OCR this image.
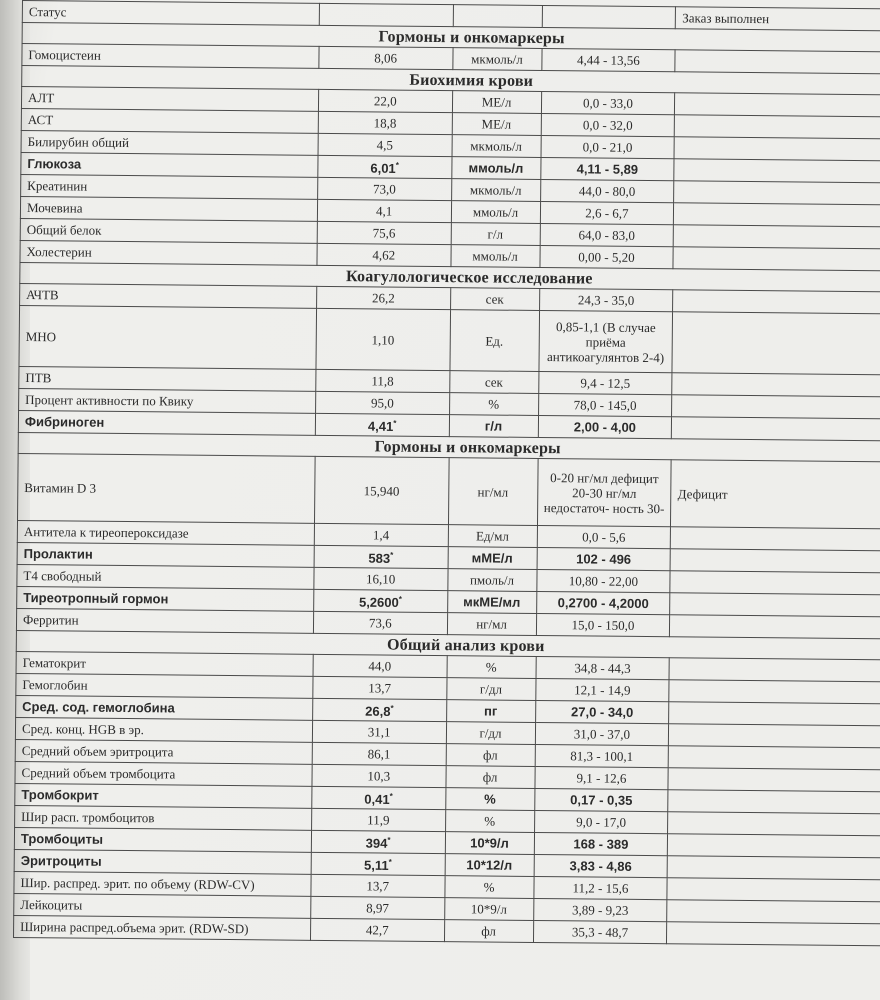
Статус				Заказ выполнен
Гормоны и онкомаркеры				
Гомоцистеин	8,06	мкмоль/л	4,44 - 13,56	
Биохимия крови				
АЛТ	22,0	МЕ/л	0,0 - 33,0	
АСТ	18,8	МЕ/л	0,0 - 32,0	
Билирубин общий	4,5	мкмоль/л	0,0 - 21,0	
Глюкоза	6,01*	ммоль/л	4,11 - 5,89	
Креатинин	73,0	мкмоль/л	44,0 - 80,0	
Мочевина	4,1	ммоль/л	2,6 - 6,7	
Общий белок	75,6	г/л	64,0 - 83,0	
Холестерин	4,62	ммоль/л	0,00 - 5,20	
Коагулологическое исследование				
АЧТВ	26,2	сек	24,3 - 35,0	
МНО	1,10	Ед.	0,85-1,1 (В случае приёма антикоагулянтов 2-4)	
ПТВ	11,8	сек	9,4 - 12,5	
Процент активности по Квику	95,0	%	78,0 - 145,0	
Фибриноген	4,41*	г/л	2,00 - 4,00	
Гормоны и онкомаркеры				
Витамин D 3	15,940	нг/мл	0-20 нг/мл дефицит 20-30 нг/мл недостаточ- ность 30-	Дефицит
Антитела к тиреопероксидазе	1,4	Ед/мл	0,0 - 5,6	
Пролактин	583*	мМЕ/л	102 - 496	
Т4 свободный	16,10	пмоль/л	10,80 - 22,00	
Тиреотропный гормон	5,2600*	мкМЕ/мл	0,2700 - 4,2000	
Ферритин	73,6	нг/мл	15,0 - 150,0	
Общий анализ крови				
Гематокрит	44,0	%	34,8 - 44,3	
Гемоглобин	13,7	г/дл	12,1 - 14,9	
Сред. сод. гемоглобина	26,8*	пг	27,0 - 34,0	
Сред. конц. HGB в эр.	31,1	г/дл	31,0 - 37,0	
Средний объем эритроцита	86,1	фл	81,3 - 100,1	
Средний объем тромбоцита	10,3	фл	9,1 - 12,6	
Тромбокрит	0,41*	%	0,17 - 0,35	
Шир расп. тромбоцитов	11,9	%	9,0 - 17,0	
Тромбоциты	394*	10*9/л	168 - 389	
Эритроциты	5,11*	10*12/л	3,83 - 4,86	
Шир. распред. эрит. по объему (RDW-CV)	13,7	%	11,2 - 15,6	
Лейкоциты	8,97	10*9/л	3,89 - 9,23	
Ширина распред.объема эрит. (RDW-SD)	42,7	фл	35,3 - 48,7	
